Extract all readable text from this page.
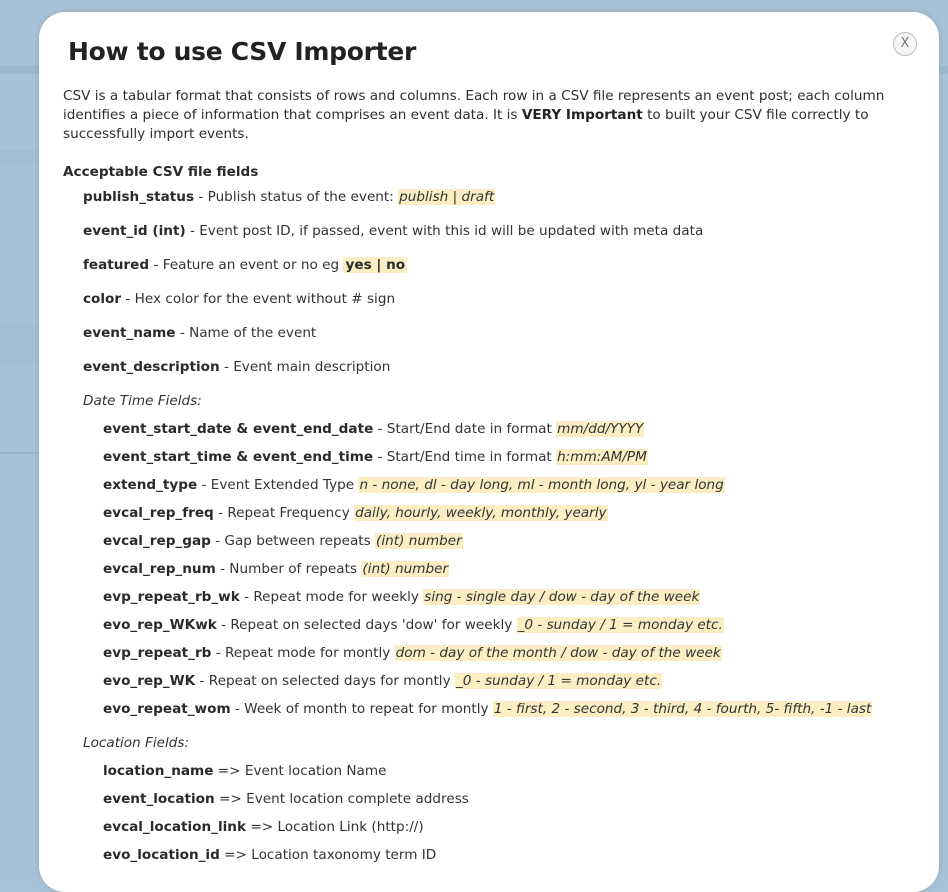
How to use CSV Importer	X
CSV is a tabular format that consists of rows and columns. Each row in a CSV file represents an event post; each column identifies a piece of information that comprises an event data. It is VERY Important to built your CSV file correctly to successfully import events.
Acceptable CSV file fields
publish_status - Publish status of the event: publish | draft
event_id (int) - Event post ID, if passed, event with this id will be updated with meta data
featured - Feature an event or no eg yes | no
color - Hex color for the event without # sign
event_name - Name of the event
event_description - Event main description
Date Time Fields:
event_start_date & event_end_date - Start/End date in format mm/dd/YYYY
event_start_time & event_end_time - Start/End time in format h:mm:AM/PM
extend_type - Event Extended Type n - none, dl - day long, ml - month long, yl - year long
evcal_rep_freq - Repeat Frequency daily, hourly, weekly, monthly, yearly
evcal_rep_gap - Gap between repeats (int) number
evcal_rep_num - Number of repeats (int) number
evp_repeat_rb_wk - Repeat mode for weekly sing - single day / dow - day of the week
evo_rep_WKwk - Repeat on selected days 'dow' for weekly _0 - sunday / 1 = monday etc.
evp_repeat_rb - Repeat mode for montly dom - day of the month / dow - day of the week
evo_rep_WK - Repeat on selected days for montly _0 - sunday / 1 = monday etc.
evo_repeat_wom - Week of month to repeat for montly 1 - first, 2 - second, 3 - third, 4 - fourth, 5- fifth, -1 - last
Location Fields:
location_name => Event location Name
event_location => Event location complete address
evcal_location_link => Location Link (http://)
evo_location_id => Location taxonomy term ID
